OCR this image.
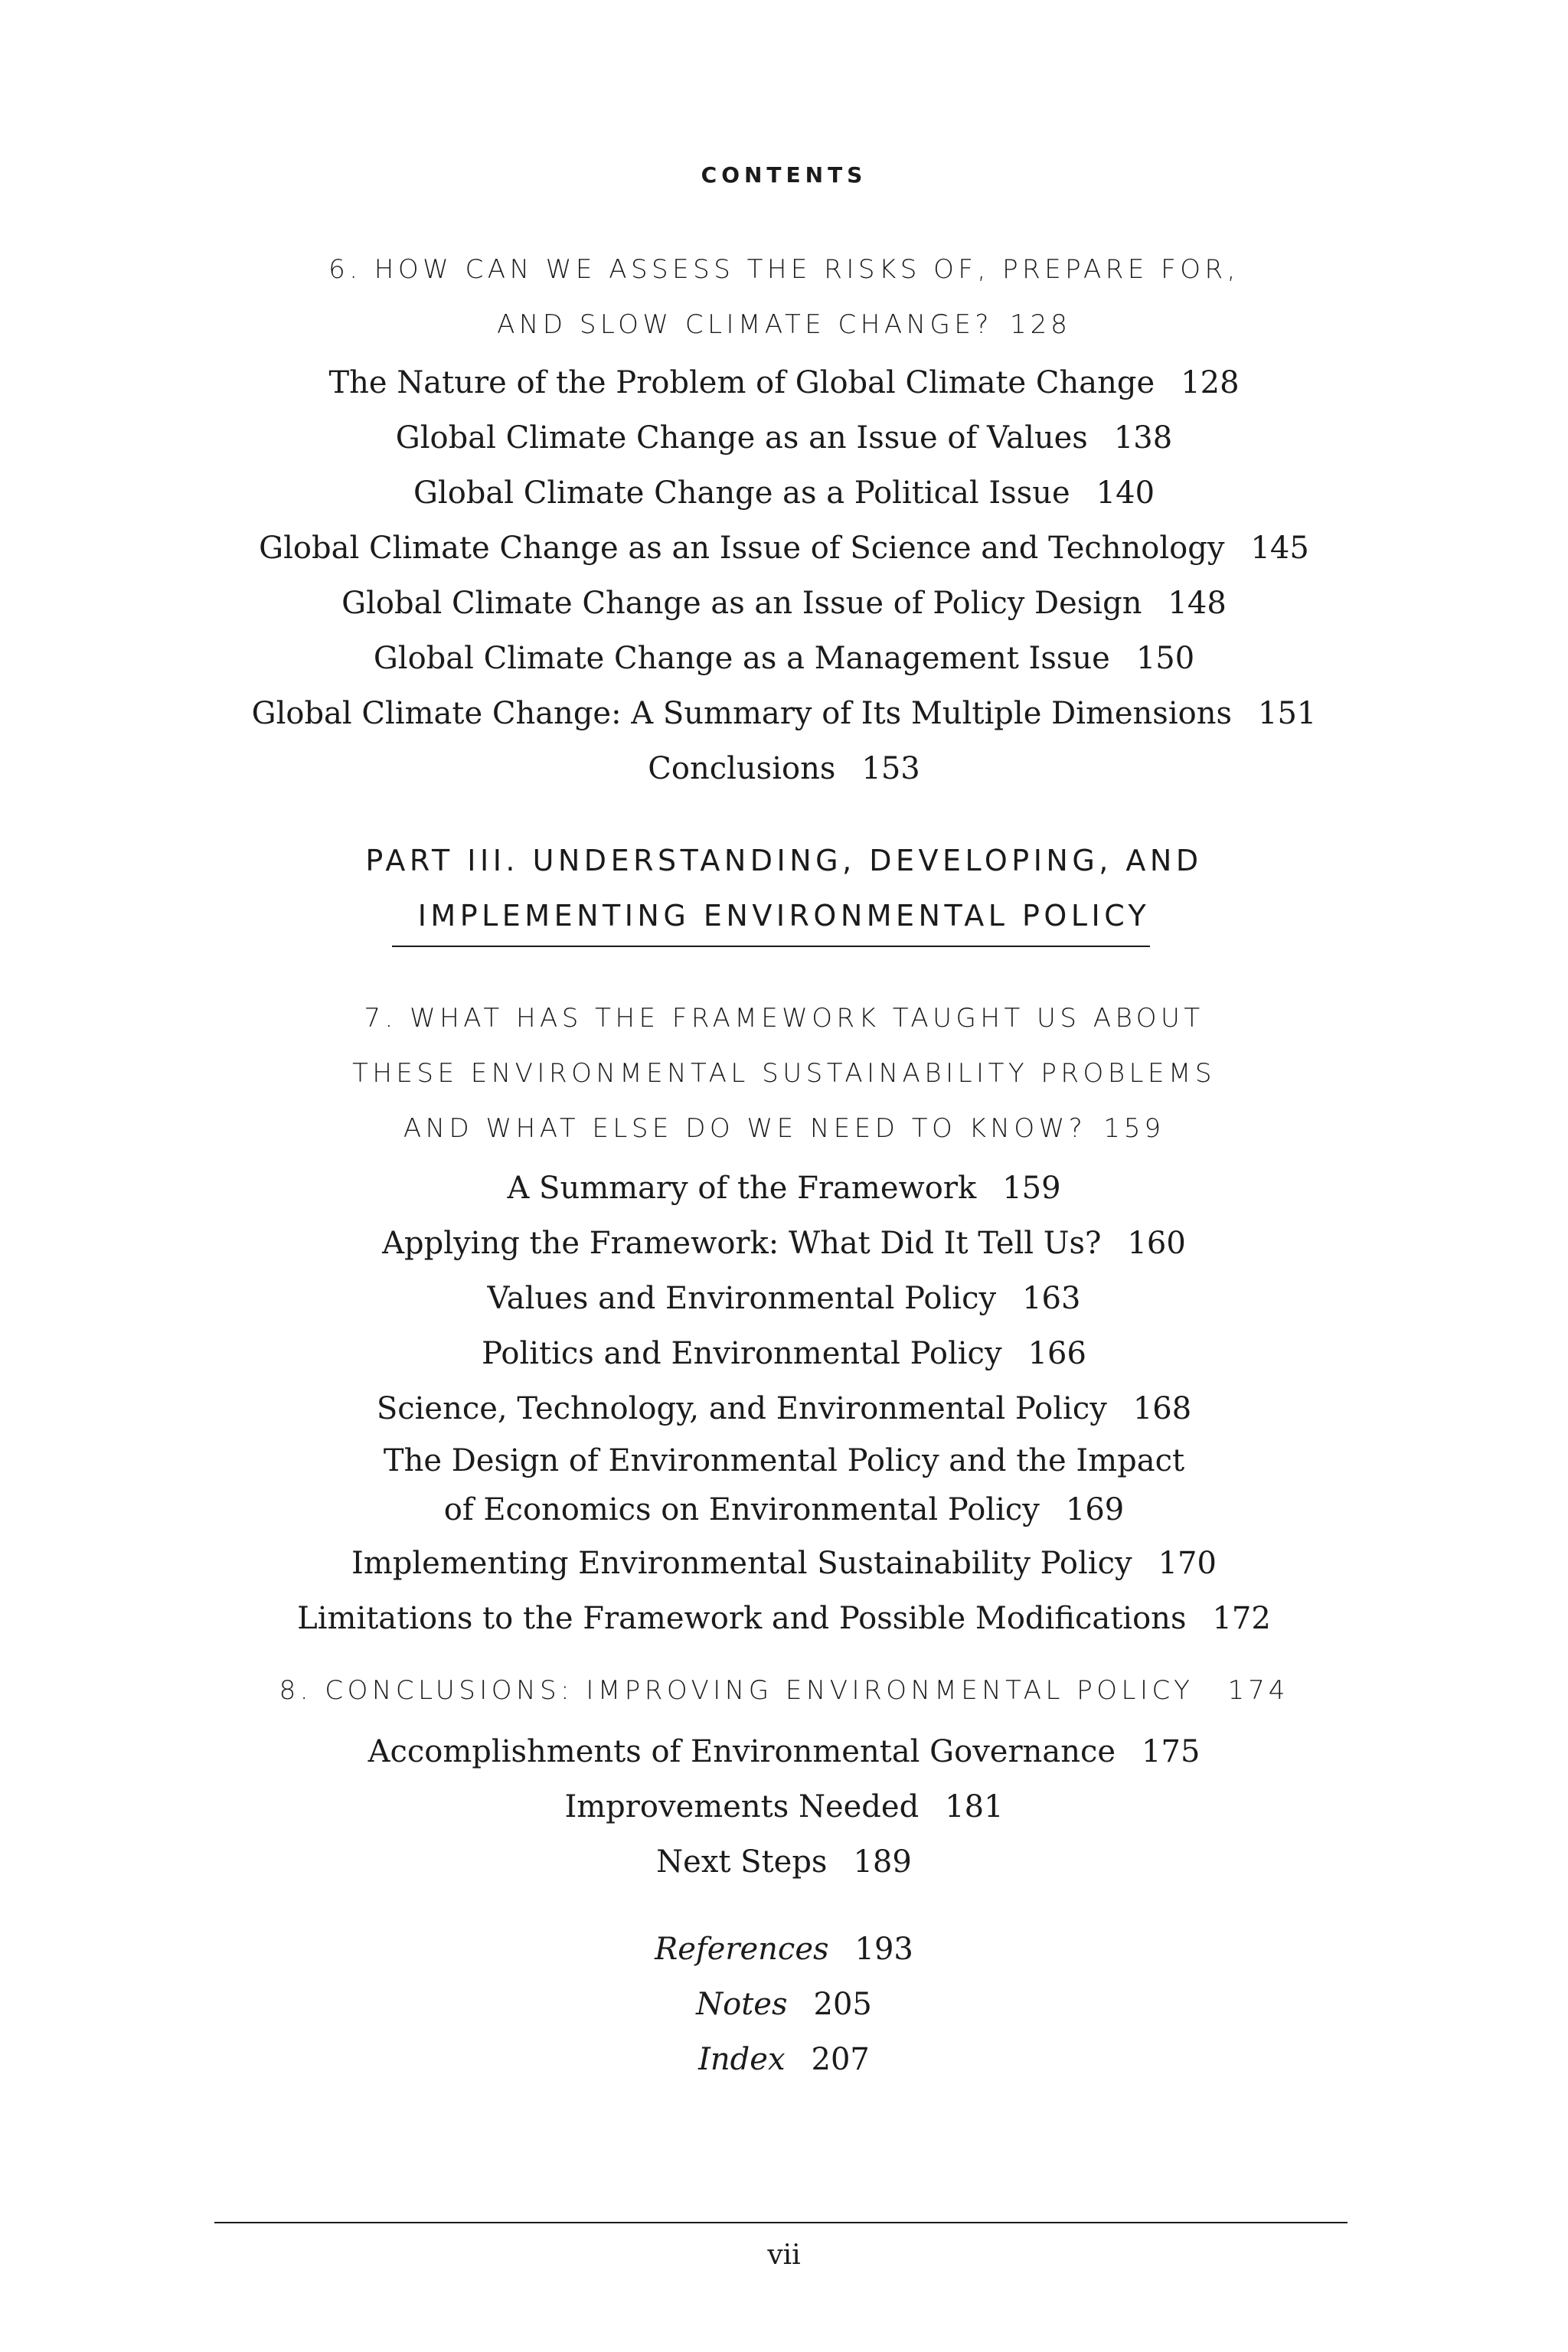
CONTENTS
6. HOW CAN WE ASSESS THE RISKS OF, PREPARE FOR,
AND SLOW CLIMATE CHANGE? 128
The Nature of the Problem of Global Climate Change 128
Global Climate Change as an Issue of Values 138
Global Climate Change as a Political Issue 140
Global Climate Change as an Issue of Science and Technology 145
Global Climate Change as an Issue of Policy Design 148
Global Climate Change as a Management Issue 150
Global Climate Change: A Summary of Its Multiple Dimensions 151
Conclusions 153
PART III. UNDERSTANDING, DEVELOPING, AND
IMPLEMENTING ENVIRONMENTAL POLICY
7. WHAT HAS THE FRAMEWORK TAUGHT US ABOUT
THESE ENVIRONMENTAL SUSTAINABILITY PROBLEMS
AND WHAT ELSE DO WE NEED TO KNOW? 159
A Summary of the Framework 159
Applying the Framework: What Did It Tell Us? 160
Values and Environmental Policy 163
Politics and Environmental Policy 166
Science, Technology, and Environmental Policy 168
The Design of Environmental Policy and the Impact
of Economics on Environmental Policy 169
Implementing Environmental Sustainability Policy 170
Limitations to the Framework and Possible Modifications 172
8. CONCLUSIONS: IMPROVING ENVIRONMENTAL POLICY 174
Accomplishments of Environmental Governance 175
Improvements Needed 181
Next Steps 189
References 193
Notes 205
Index 207
vii
